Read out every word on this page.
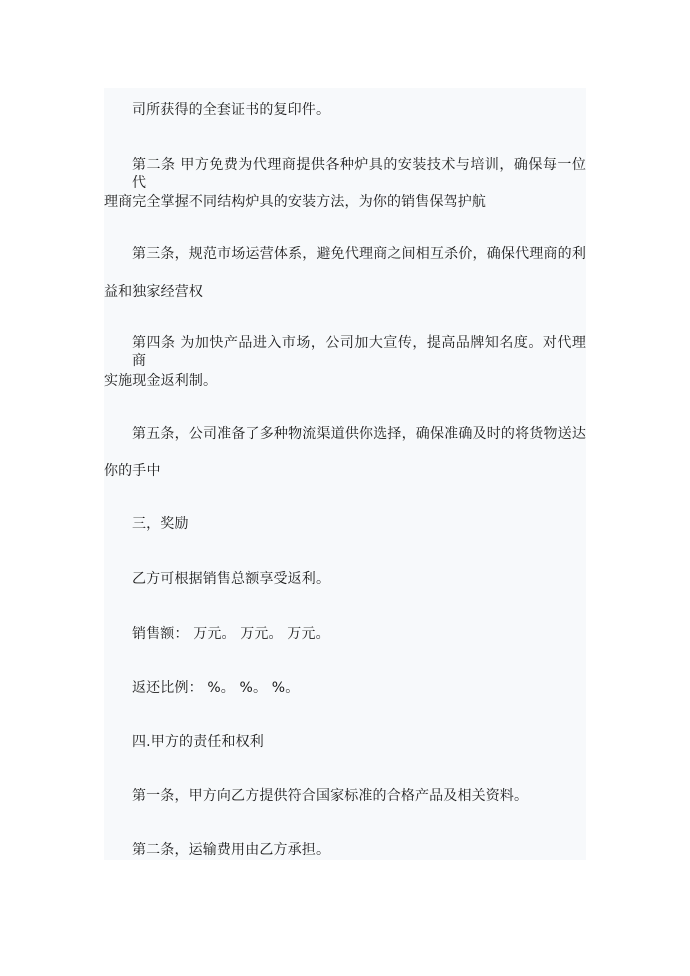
司所获得的全套证书的复印件。
第二条 甲方免费为代理商提供各种炉具的安装技术与培训，确保每一位代
理商完全掌握不同结构炉具的安装方法，为你的销售保驾护航
第三条，规范市场运营体系，避免代理商之间相互杀价，确保代理商的利
益和独家经营权
第四条 为加快产品进入市场，公司加大宣传，提高品牌知名度。对代理商
实施现金返利制。
第五条，公司准备了多种物流渠道供你选择，确保准确及时的将货物送达
你的手中
三，奖励
乙方可根据销售总额享受返利。
销售额： 万元。 万元。 万元。
返还比例： %。 %。 %。
四.甲方的责任和权利
第一条，甲方向乙方提供符合国家标准的合格产品及相关资料。
第二条，运输费用由乙方承担。
